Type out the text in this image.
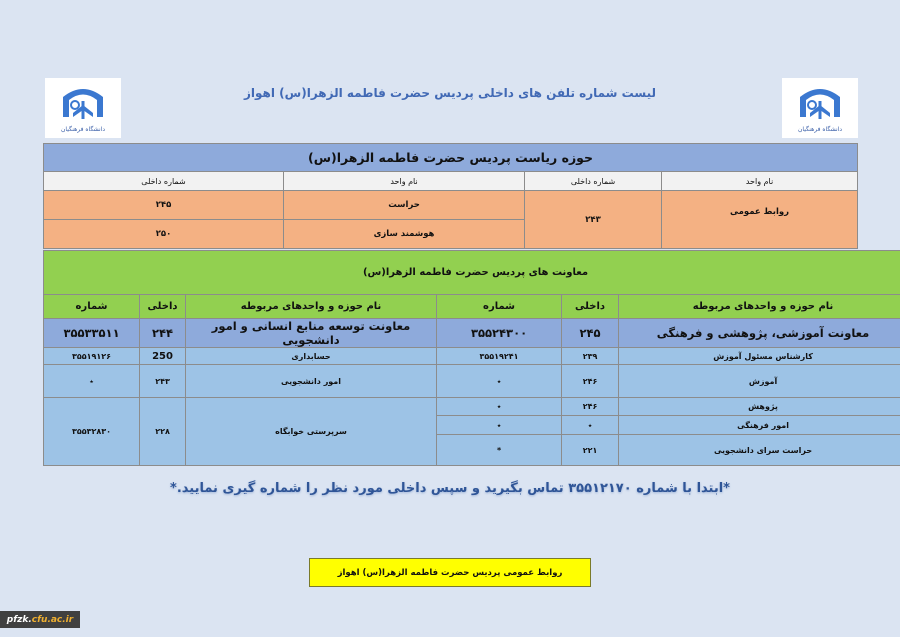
دانشگاه فرهنگیان	دانشگاه فرهنگیان
لیست شماره تلفن های داخلی پردیس حضرت فاطمه الزهرا(س) اهواز
حوزه ریاست پردیس حضرت فاطمه الزهرا(س)			
نام واحد	شماره داخلی	نام واحد	شماره داخلی
روابط عمومی	۲۴۳	حراست	۲۴۵
		هوشمند سازی	۲۵۰
معاونت های پردیس حضرت فاطمه الزهرا(س)					
نام حوزه و واحدهای مربوطه	داخلی	شماره	نام حوزه و واحدهای مربوطه	داخلی	شماره
معاونت آموزشی، پژوهشی و فرهنگی	۲۴۵	۳۵۵۲۴۳۰۰	معاونت توسعه منابع انسانی و امور دانشجویی	۲۴۴	۳۵۵۳۳۵۱۱
کارشناس مسئول آموزش	۲۳۹	۳۵۵۱۹۲۴۱	حسابداری	250	۳۵۵۱۹۱۲۶
آموزش	۲۴۶	٭	امور دانشجویی	۲۴۳	٭
پژوهش	۲۴۶	٭	سرپرستی خوابگاه	۲۲۸	۳۵۵۳۲۸۳۰
امور فرهنگی	٭	٭			
حراست سرای دانشجویی	۲۲۱	*			
*ابتدا با شماره ۳۵۵۱۲۱۷۰ تماس بگیرید و سپس داخلی مورد نظر را شماره گیری نمایید.*
روابط عمومی پردیس حضرت فاطمه الزهرا(س) اهواز
pfzk. cfu.ac.ir
